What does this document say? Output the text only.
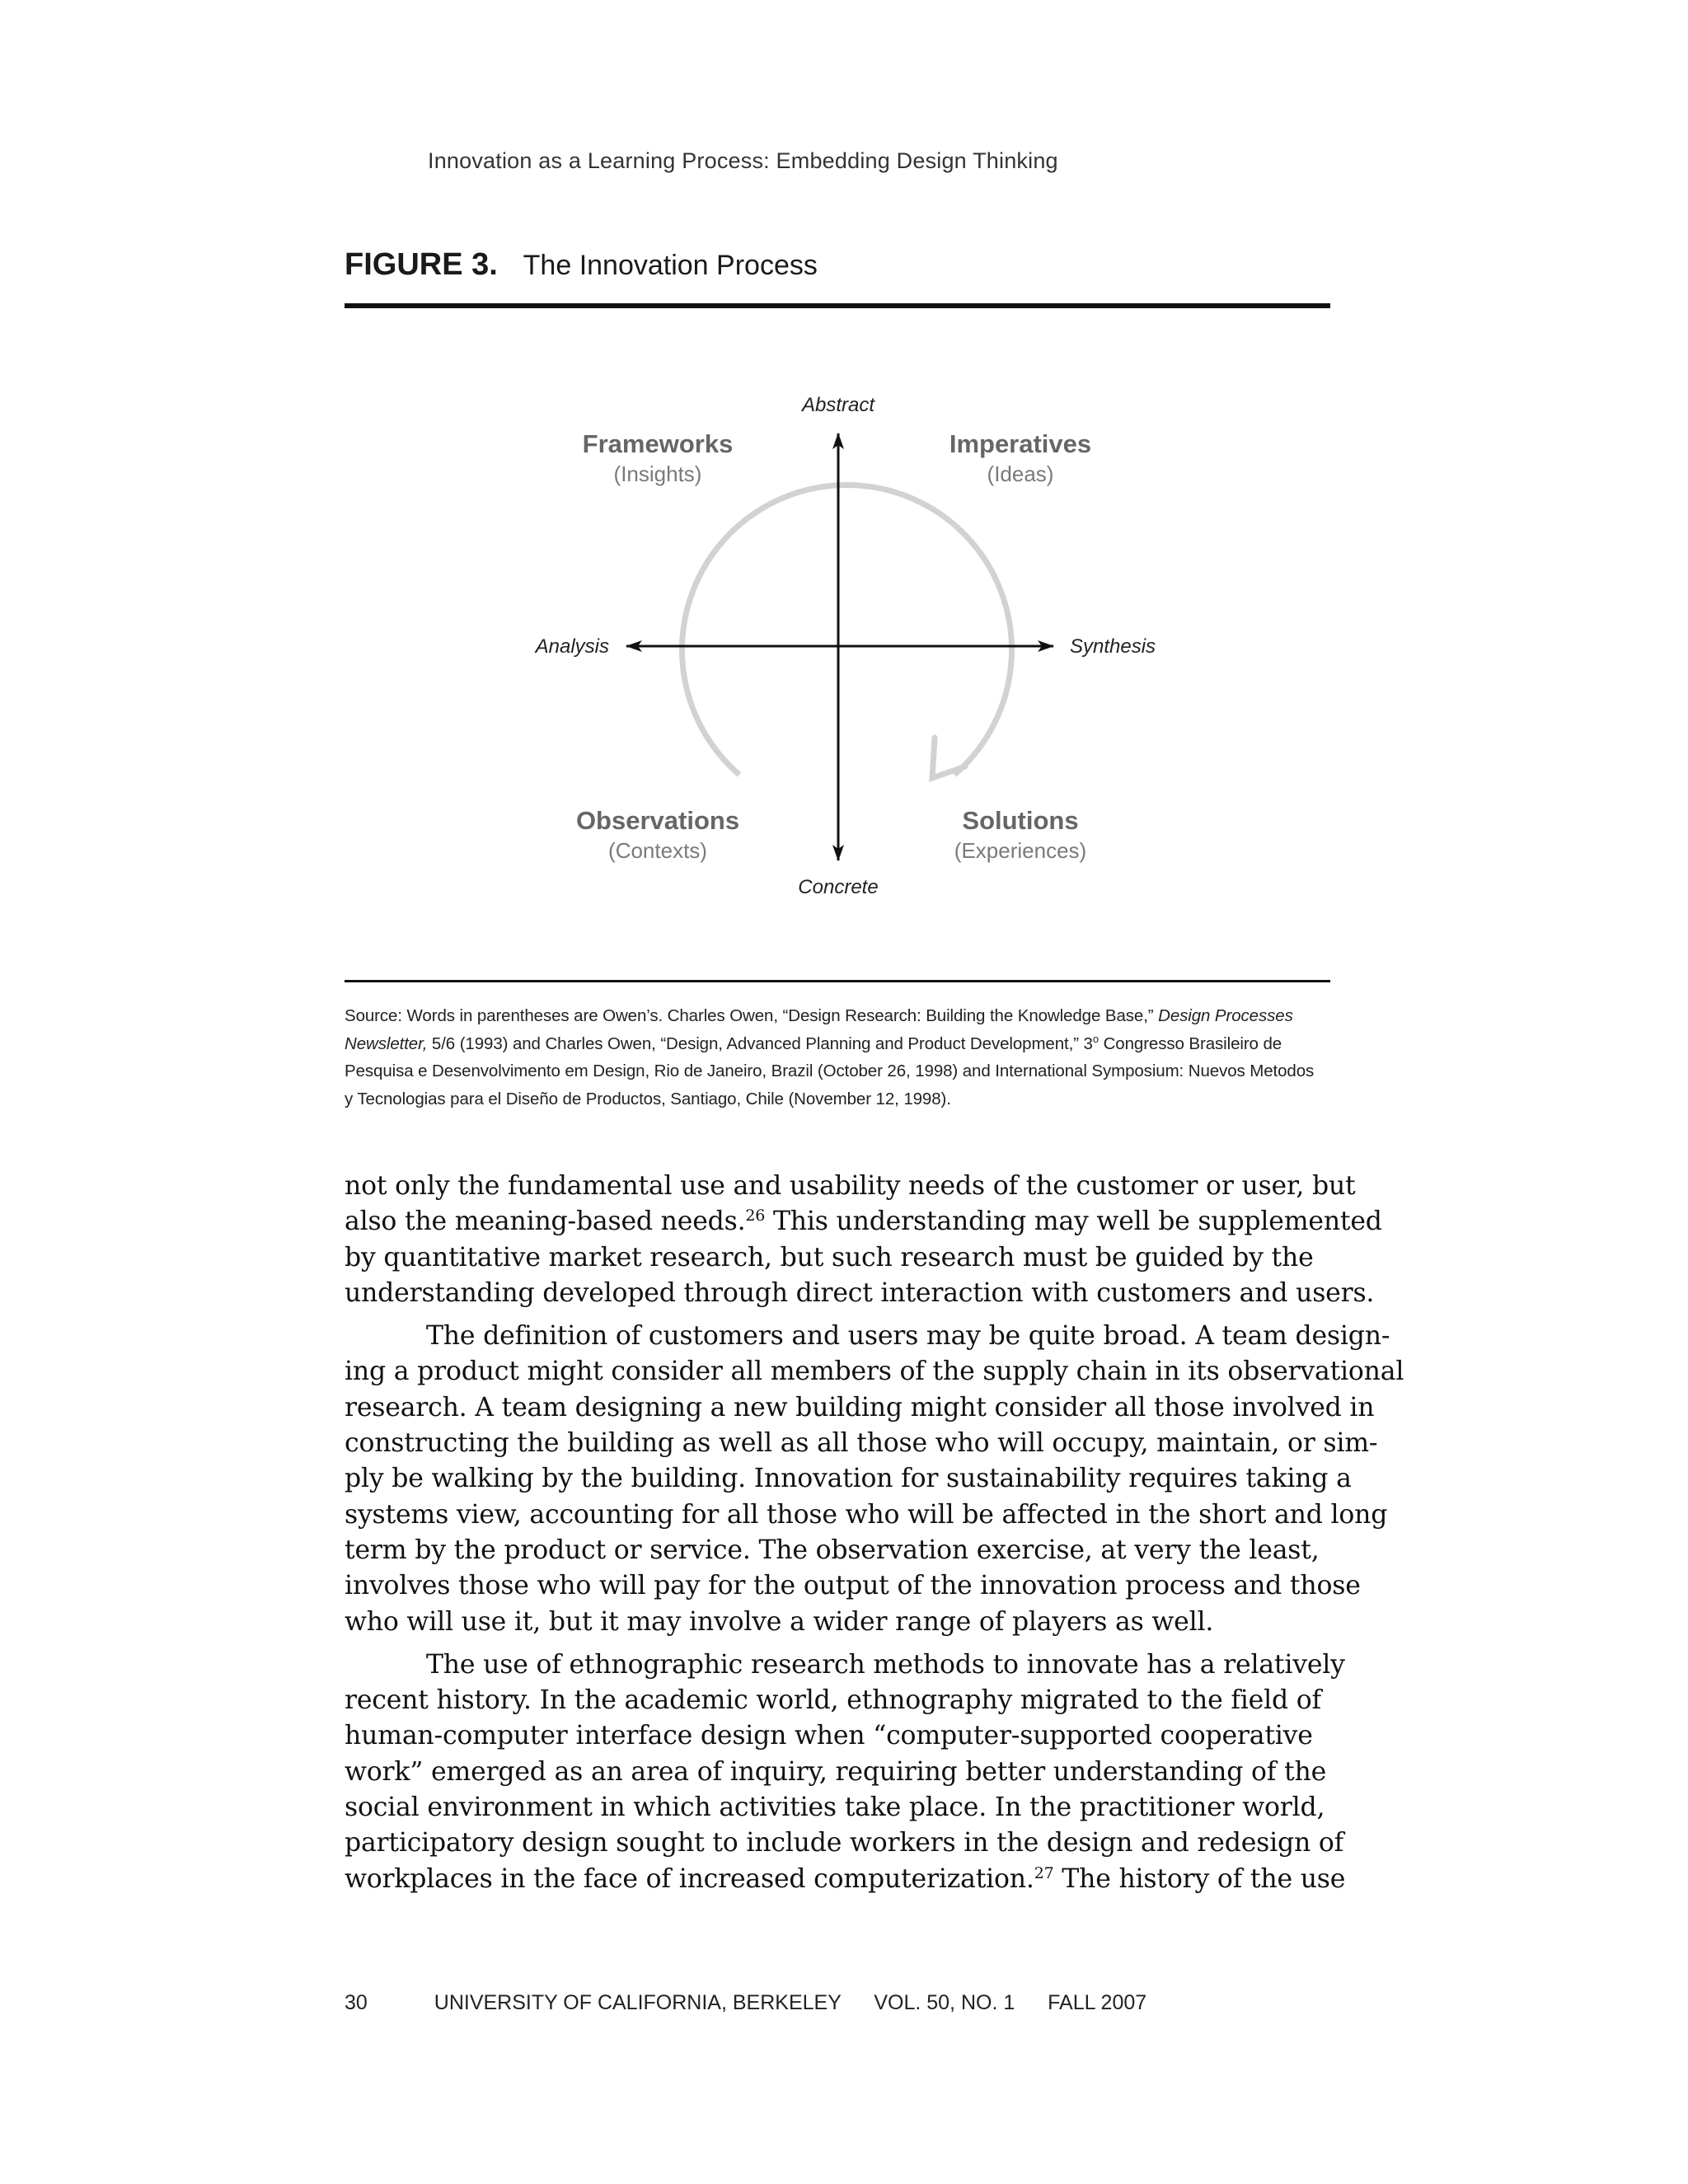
Innovation as a Learning Process: Embedding Design Thinking
FIGURE 3. The Innovation Process
Abstract
Concrete
Analysis	Synthesis
Frameworks
(Insights)
Imperatives
(Ideas)
Observations
(Contexts)
Solutions
(Experiences)
Source: Words in parentheses are Owen’s. Charles Owen, “Design Research: Building the Knowledge Base,” Design Processes
Newsletter, 5/6 (1993) and Charles Owen, “Design, Advanced Planning and Product Development,” 3$^o$ Congresso Brasileiro de
Pesquisa e Desenvolvimento em Design, Rio de Janeiro, Brazil (October 26, 1998) and International Symposium: Nuevos Metodos
y Tecnologias para el Diseño de Productos, Santiago, Chile (November 12, 1998).
not only the fundamental use and usability needs of the customer or user, but
also the meaning-based needs.$^{26}$ This understanding may well be supplemented
by quantitative market research, but such research must be guided by the
understanding developed through direct interaction with customers and users.
The definition of customers and users may be quite broad. A team design-
ing a product might consider all members of the supply chain in its observational
research. A team designing a new building might consider all those involved in
constructing the building as well as all those who will occupy, maintain, or sim-
ply be walking by the building. Innovation for sustainability requires taking a
systems view, accounting for all those who will be affected in the short and long
term by the product or service. The observation exercise, at very the least,
involves those who will pay for the output of the innovation process and those
who will use it, but it may involve a wider range of players as well.
The use of ethnographic research methods to innovate has a relatively
recent history. In the academic world, ethnography migrated to the field of
human-computer interface design when “computer-supported cooperative
work” emerged as an area of inquiry, requiring better understanding of the
social environment in which activities take place. In the practitioner world,
participatory design sought to include workers in the design and redesign of
workplaces in the face of increased computerization.$^{27}$ The history of the use
30	UNIVERSITY OF CALIFORNIA, BERKELEY VOL. 50, NO. 1 FALL 2007
